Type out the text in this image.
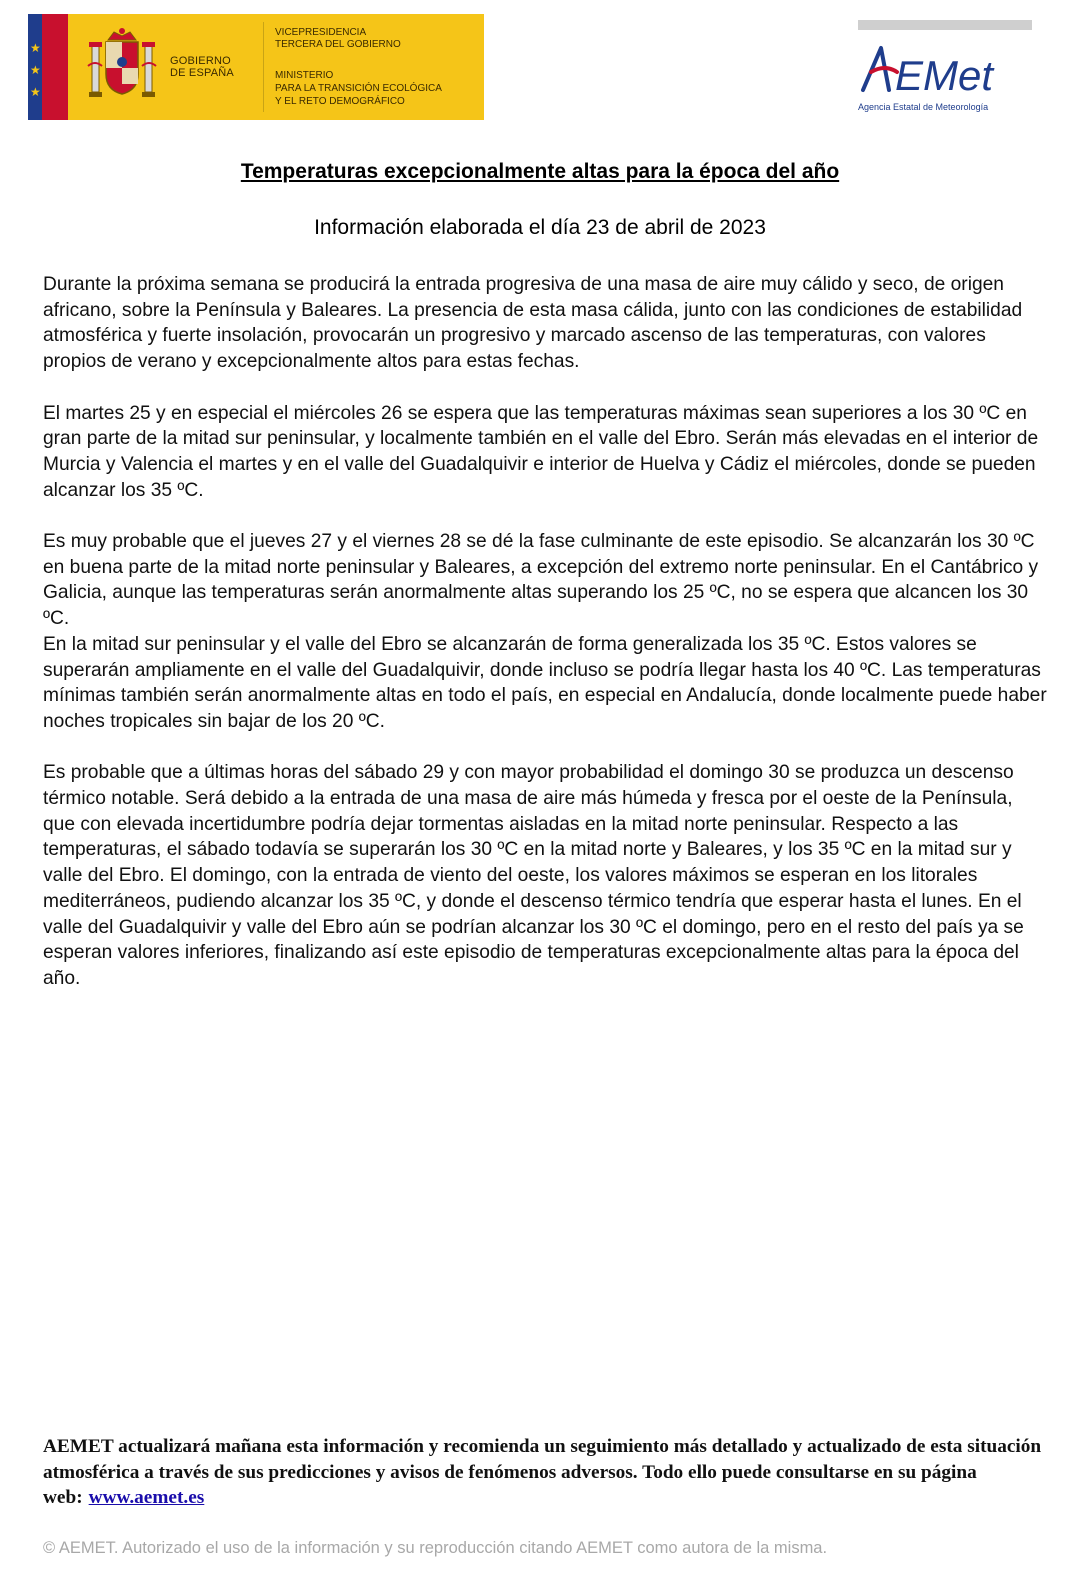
★
★
★
GOBIERNO
DE ESPAÑA
VICEPRESIDENCIA
TERCERA DEL GOBIERNO
MINISTERIO
PARA LA TRANSICIÓN ECOLÓGICA
Y EL RETO DEMOGRÁFICO
EMet
Agencia Estatal de Meteorología
Temperaturas excepcionalmente altas para la época del año
Información elaborada el día 23 de abril de 2023

Durante la próxima semana se producirá la entrada progresiva de una masa de aire muy cálido y seco, de origen africano, sobre la Península y Baleares. La presencia de esta masa cálida, junto con las condiciones de estabilidad atmosférica y fuerte insolación, provocarán un progresivo y marcado ascenso de las temperaturas, con valores propios de verano y excepcionalmente altos para estas fechas.

El martes 25 y en especial el miércoles 26 se espera que las temperaturas máximas sean superiores a los 30 ºC en gran parte de la mitad sur peninsular, y localmente también en el valle del Ebro. Serán más elevadas en el interior de Murcia y Valencia el martes y en el valle del Guadalquivir e interior de Huelva y Cádiz el miércoles, donde se pueden alcanzar los 35 ºC.

Es muy probable que el jueves 27 y el viernes 28 se dé la fase culminante de este episodio. Se alcanzarán los 30 ºC en buena parte de la mitad norte peninsular y Baleares, a excepción del extremo norte peninsular. En el Cantábrico y Galicia, aunque las temperaturas serán anormalmente altas superando los 25 ºC, no se espera que alcancen los 30 ºC.

En la mitad sur peninsular y el valle del Ebro se alcanzarán de forma generalizada los 35 ºC. Estos valores se superarán ampliamente en el valle del Guadalquivir, donde incluso se podría llegar hasta los 40 ºC. Las temperaturas mínimas también serán anormalmente altas en todo el país, en especial en Andalucía, donde localmente puede haber noches tropicales sin bajar de los 20 ºC.

Es probable que a últimas horas del sábado 29 y con mayor probabilidad el domingo 30 se produzca un descenso térmico notable. Será debido a la entrada de una masa de aire más húmeda y fresca por el oeste de la Península, que con elevada incertidumbre podría dejar tormentas aisladas en la mitad norte peninsular. Respecto a las temperaturas, el sábado todavía se superarán los 30 ºC en la mitad norte y Baleares, y los 35 ºC en la mitad sur y valle del Ebro. El domingo, con la entrada de viento del oeste, los valores máximos se esperan en los litorales mediterráneos, pudiendo alcanzar los 35 ºC, y donde el descenso térmico tendría que esperar hasta el lunes. En el valle del Guadalquivir y valle del Ebro aún se podrían alcanzar los 30 ºC el domingo, pero en el resto del país ya se esperan valores inferiores, finalizando así este episodio de temperaturas excepcionalmente altas para la época del año.

AEMET actualizará mañana esta información y recomienda un seguimiento más detallado y actualizado de esta situación atmosférica a través de sus predicciones y avisos de fenómenos adversos. Todo ello puede consultarse en su página web: www.aemet.es
© AEMET. Autorizado el uso de la información y su reproducción citando AEMET como autora de la misma.
